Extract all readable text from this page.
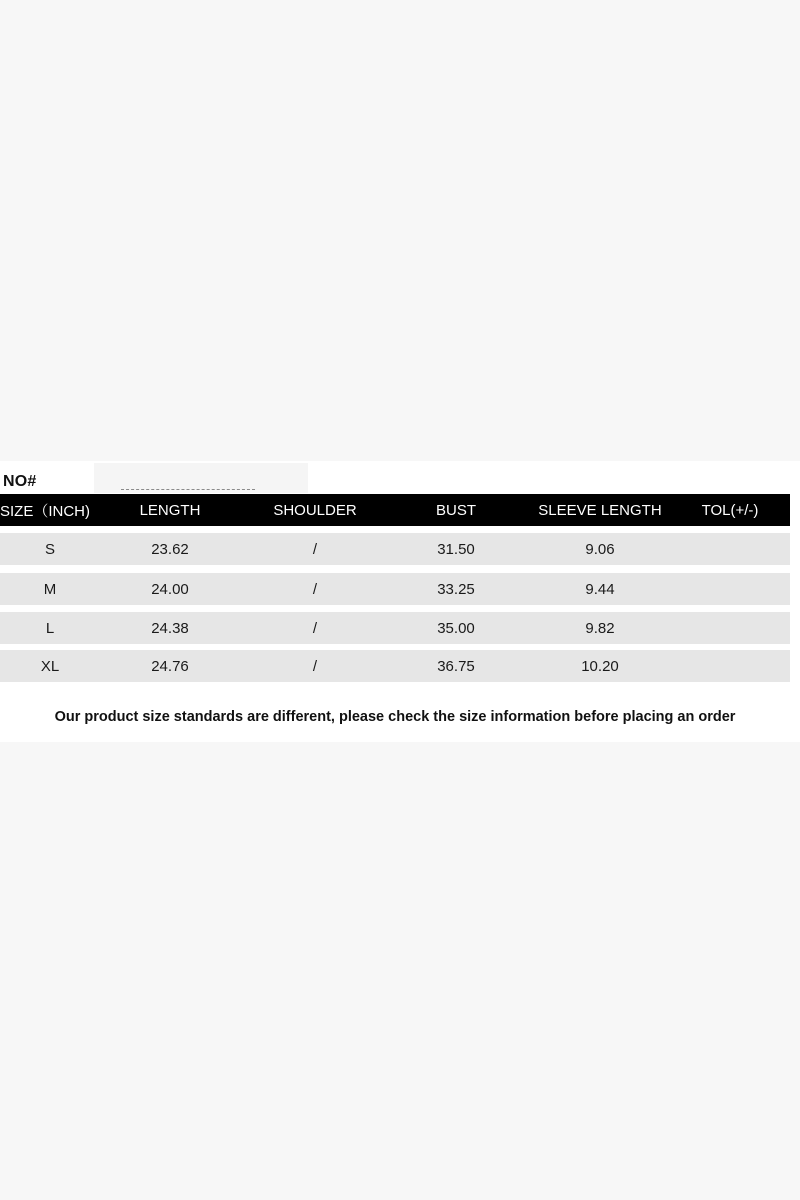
NO#
SIZE（INCH)	LENGTH	SHOULDER	BUST	SLEEVE LENGTH	TOL(+/-)
S	23.62	/	31.50	9.06
M	24.00	/	33.25	9.44
L	24.38	/	35.00	9.82
XL	24.76	/	36.75	10.20
Our product size standards are different, please check the size information before placing an order
